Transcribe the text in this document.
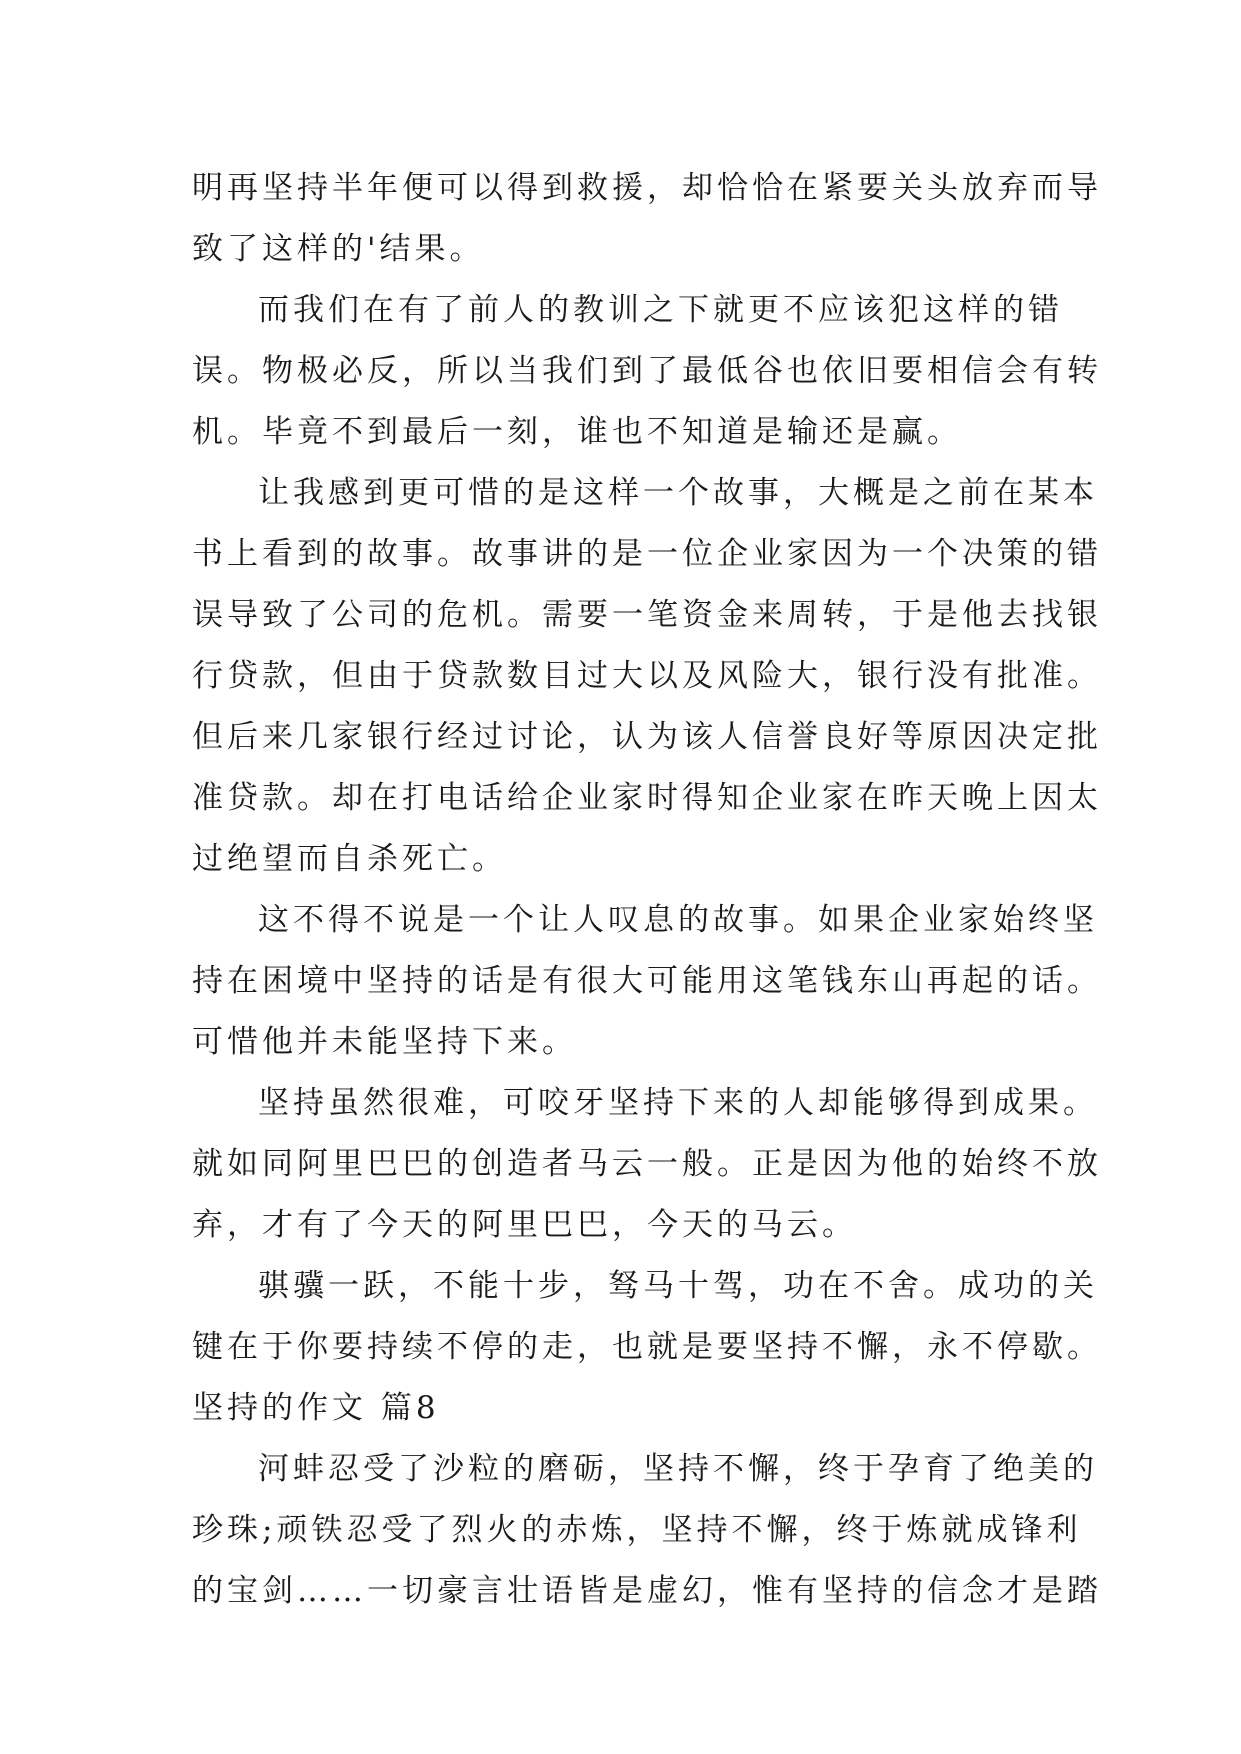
明再坚持半年便可以得到救援，却恰恰在紧要关头放弃而导
致了这样的'结果。
而我们在有了前人的教训之下就更不应该犯这样的错
误。物极必反，所以当我们到了最低谷也依旧要相信会有转
机。毕竟不到最后一刻，谁也不知道是输还是赢。
让我感到更可惜的是这样一个故事，大概是之前在某本
书上看到的故事。故事讲的是一位企业家因为一个决策的错
误导致了公司的危机。需要一笔资金来周转，于是他去找银
行贷款，但由于贷款数目过大以及风险大，银行没有批准。
但后来几家银行经过讨论，认为该人信誉良好等原因决定批
准贷款。却在打电话给企业家时得知企业家在昨天晚上因太
过绝望而自杀死亡。
这不得不说是一个让人叹息的故事。如果企业家始终坚
持在困境中坚持的话是有很大可能用这笔钱东山再起的话。
可惜他并未能坚持下来。
坚持虽然很难，可咬牙坚持下来的人却能够得到成果。
就如同阿里巴巴的创造者马云一般。正是因为他的始终不放
弃，才有了今天的阿里巴巴，今天的马云。
骐骥一跃，不能十步，驽马十驾，功在不舍。成功的关
键在于你要持续不停的走，也就是要坚持不懈，永不停歇。
坚持的作文 篇8
河蚌忍受了沙粒的磨砺，坚持不懈，终于孕育了绝美的
珍珠;顽铁忍受了烈火的赤炼，坚持不懈，终于炼就成锋利
的宝剑……一切豪言壮语皆是虚幻，惟有坚持的信念才是踏
